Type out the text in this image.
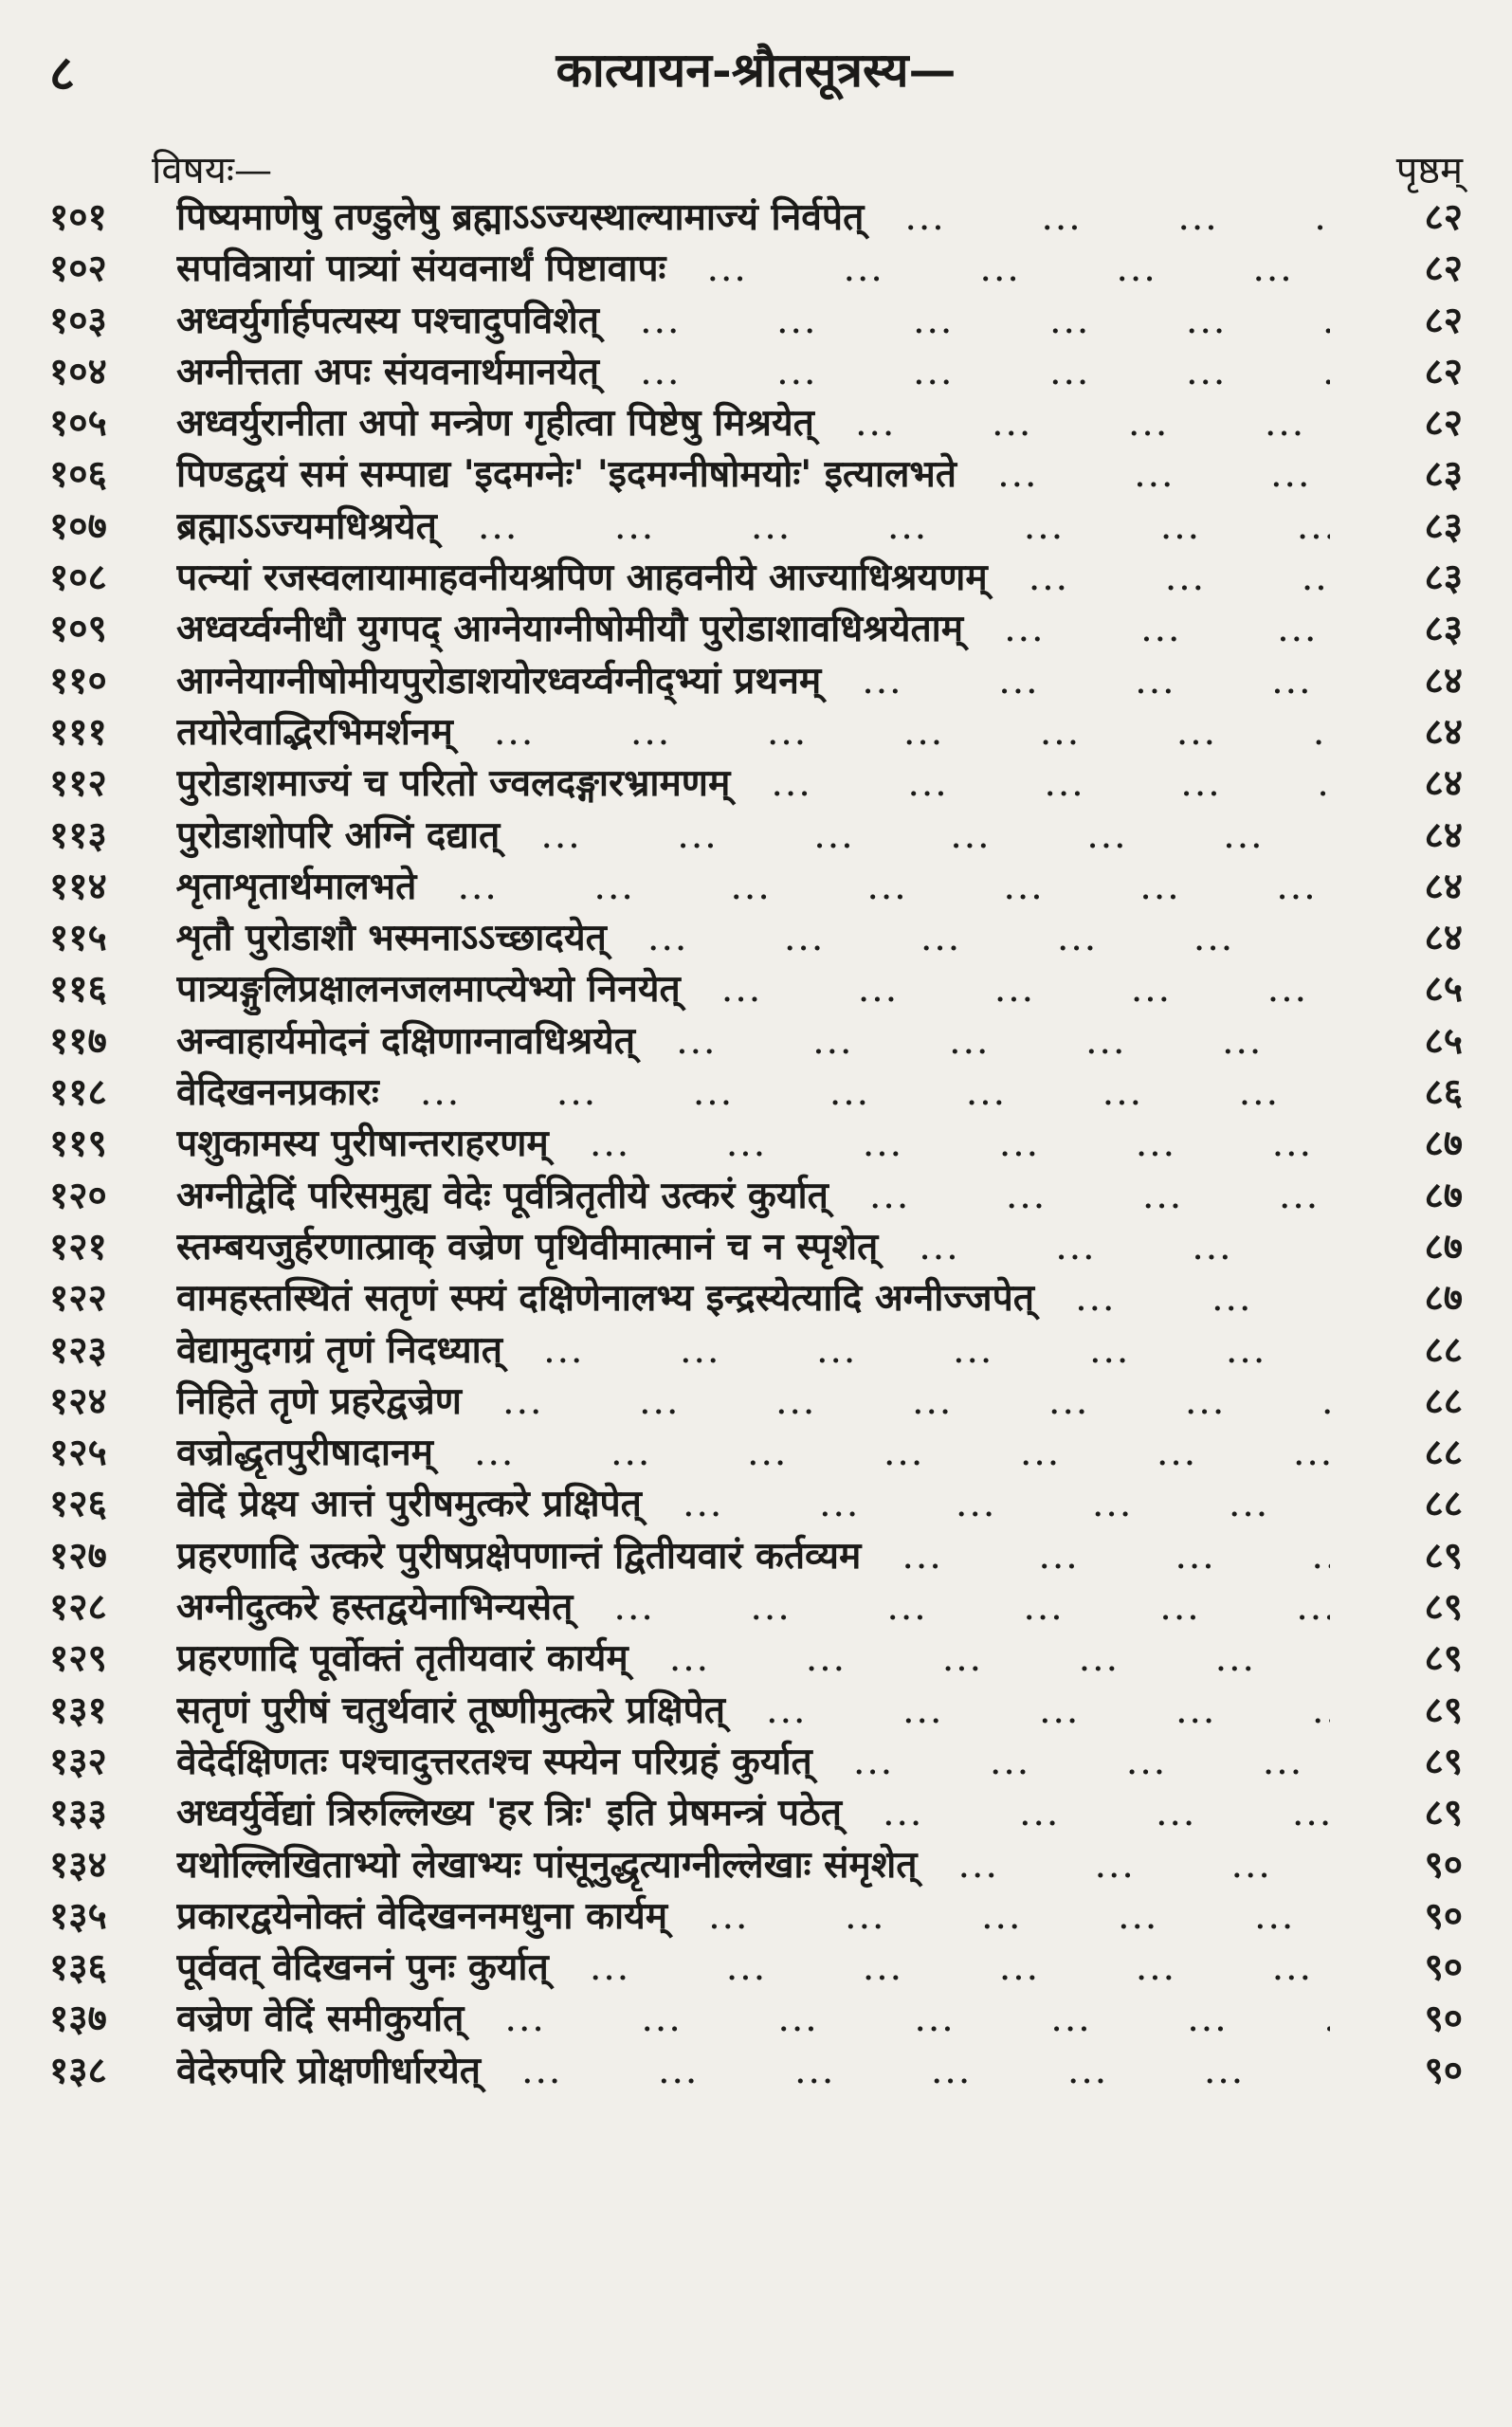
८	कात्यायन-श्रौतसूत्रस्य—
विषयः—	पृष्ठम्
१०१	पिष्यमाणेषु तण्डुलेषु ब्रह्माऽऽज्यस्थाल्यामाज्यं निर्वपेत् ...	८२
१०२	सपवित्रायां पात्र्यां संयवनार्थं पिष्टावापः ...	८२
१०३	अध्वर्युर्गार्हपत्यस्य पश्चादुपविशेत् ...	८२
१०४	अग्नीत्तता अपः संयवनार्थमानयेत् ...	८२
१०५	अध्वर्युरानीता अपो मन्त्रेण गृहीत्वा पिष्टेषु मिश्रयेत् ...	८२
१०६	पिण्डद्वयं समं सम्पाद्य 'इदमग्नेः' 'इदमग्नीषोमयोः' इत्यालभते ...	८३
१०७	ब्रह्माऽऽज्यमधिश्रयेत् ...	८३
१०८	पत्न्यां रजस्वलायामाहवनीयश्रपिण आहवनीये आज्याधिश्रयणम् ...	८३
१०९	अध्वर्य्वग्नीधौ युगपद् आग्नेयाग्नीषोमीयौ पुरोडाशावधिश्रयेताम् ...	८३
११०	आग्नेयाग्नीषोमीयपुरोडाशयोरध्वर्य्वग्नीद्भ्यां प्रथनम् ...	८४
१११	तयोरेवाद्भिरभिमर्शनम् ...	८४
११२	पुरोडाशमाज्यं च परितो ज्वलदङ्गारभ्रामणम् ...	८४
११३	पुरोडाशोपरि अग्निं दद्यात् ...	८४
११४	शृताशृतार्थमालभते ...	८४
११५	शृतौ पुरोडाशौ भस्मनाऽऽच्छादयेत् ...	८४
११६	पात्र्यङ्गुलिप्रक्षालनजलमाप्त्येभ्यो निनयेत् ...	८५
११७	अन्वाहार्यमोदनं दक्षिणाग्नावधिश्रयेत् ...	८५
११८	वेदिखननप्रकारः ...	८६
११९	पशुकामस्य पुरीषान्तराहरणम् ...	८७
१२०	अग्नीद्वेदिं परिसमुह्य वेदेः पूर्वत्रितृतीये उत्करं कुर्यात् ...	८७
१२१	स्तम्बयजुर्हरणात्प्राक् वज्रेण पृथिवीमात्मानं च न स्पृशेत् ...	८७
१२२	वामहस्तस्थितं सतृणं स्फ्यं दक्षिणेनालभ्य इन्द्रस्येत्यादि अग्नीज्जपेत् ...	८७
१२३	वेद्यामुदगग्रं तृणं निदध्यात् ...	८८
१२४	निहिते तृणे प्रहरेद्वज्रेण ...	८८
१२५	वज्रोद्धृतपुरीषादानम् ...	८८
१२६	वेदिं प्रेक्ष्य आत्तं पुरीषमुत्करे प्रक्षिपेत् ...	८८
१२७	प्रहरणादि उत्करे पुरीषप्रक्षेपणान्तं द्वितीयवारं कर्तव्यम ...	८९
१२८	अग्नीदुत्करे हस्तद्वयेनाभिन्यसेत् ...	८९
१२९	प्रहरणादि पूर्वोक्तं तृतीयवारं कार्यम् ...	८९
१३१	सतृणं पुरीषं चतुर्थवारं तूष्णीमुत्करे प्रक्षिपेत् ...	८९
१३२	वेदेर्दक्षिणतः पश्चादुत्तरतश्च स्फ्येन परिग्रहं कुर्यात् ...	८९
१३३	अध्वर्युर्वेद्यां त्रिरुल्लिख्य 'हर त्रिः' इति प्रेषमन्त्रं पठेत् ...	८९
१३४	यथोल्लिखिताभ्यो लेखाभ्यः पांसूनुद्धृत्याग्नील्लेखाः संमृशेत् ...	९०
१३५	प्रकारद्वयेनोक्तं वेदिखननमधुना कार्यम् ...	९०
१३६	पूर्ववत् वेदिखननं पुनः कुर्यात् ...	९०
१३७	वज्रेण वेदिं समीकुर्यात् ...	९०
१३८	वेदेरुपरि प्रोक्षणीर्धारयेत् ...	९०
